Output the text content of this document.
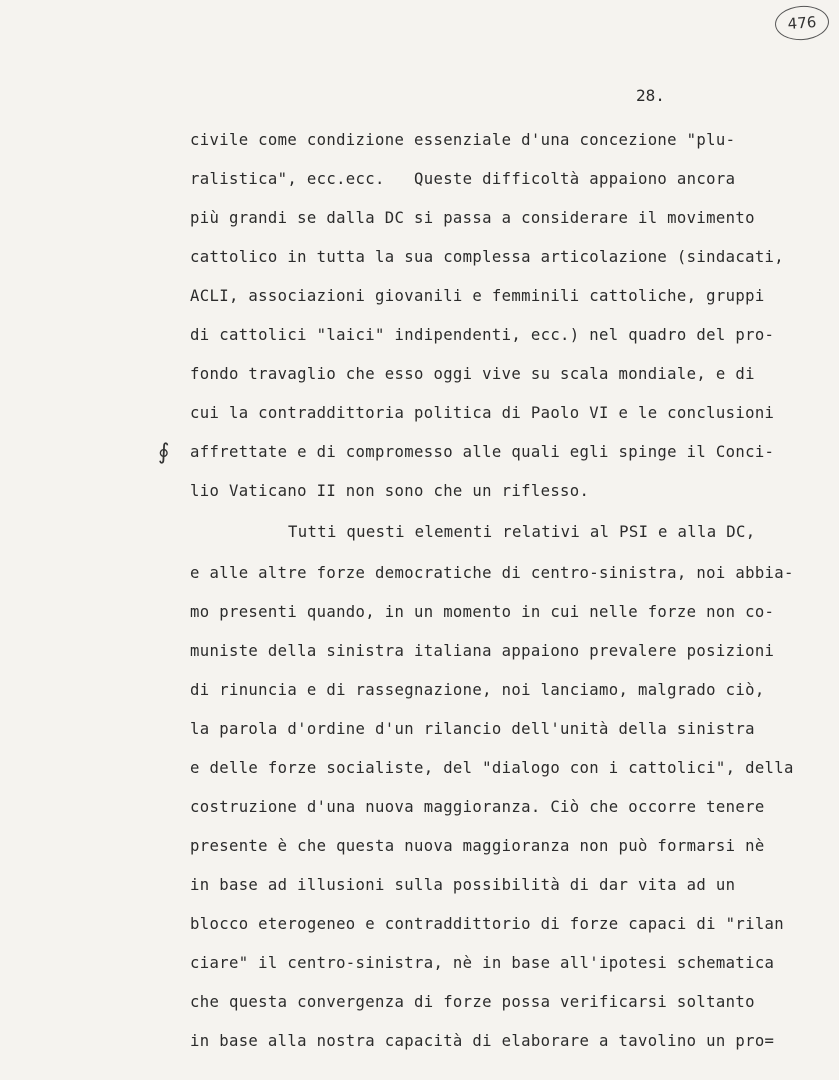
476
28.
∮
civile come condizione essenziale d'una concezione "plu-
ralistica", ecc.ecc.   Queste difficoltà appaiono ancora
più grandi se dalla DC si passa a considerare il movimento
cattolico in tutta la sua complessa articolazione (sindacati,
ACLI, associazioni giovanili e femminili cattoliche, gruppi
di cattolici "laici" indipendenti, ecc.) nel quadro del pro-
fondo travaglio che esso oggi vive su scala mondiale, e di
cui la contraddittoria politica di Paolo VI e le conclusioni
affrettate e di compromesso alle quali egli spinge il Conci-
lio Vaticano II non sono che un riflesso.
Tutti questi elementi relativi al PSI e alla DC,
e alle altre forze democratiche di centro-sinistra, noi abbia-
mo presenti quando, in un momento in cui nelle forze non co-
muniste della sinistra italiana appaiono prevalere posizioni
di rinuncia e di rassegnazione, noi lanciamo, malgrado ciò,
la parola d'ordine d'un rilancio dell'unità della sinistra
e delle forze socialiste, del "dialogo con i cattolici", della
costruzione d'una nuova maggioranza. Ciò che occorre tenere
presente è che questa nuova maggioranza non può formarsi nè
in base ad illusioni sulla possibilità di dar vita ad un
blocco eterogeneo e contraddittorio di forze capaci di "rilan
ciare" il centro-sinistra, nè in base all'ipotesi schematica
che questa convergenza di forze possa verificarsi soltanto
in base alla nostra capacità di elaborare a tavolino un pro=
